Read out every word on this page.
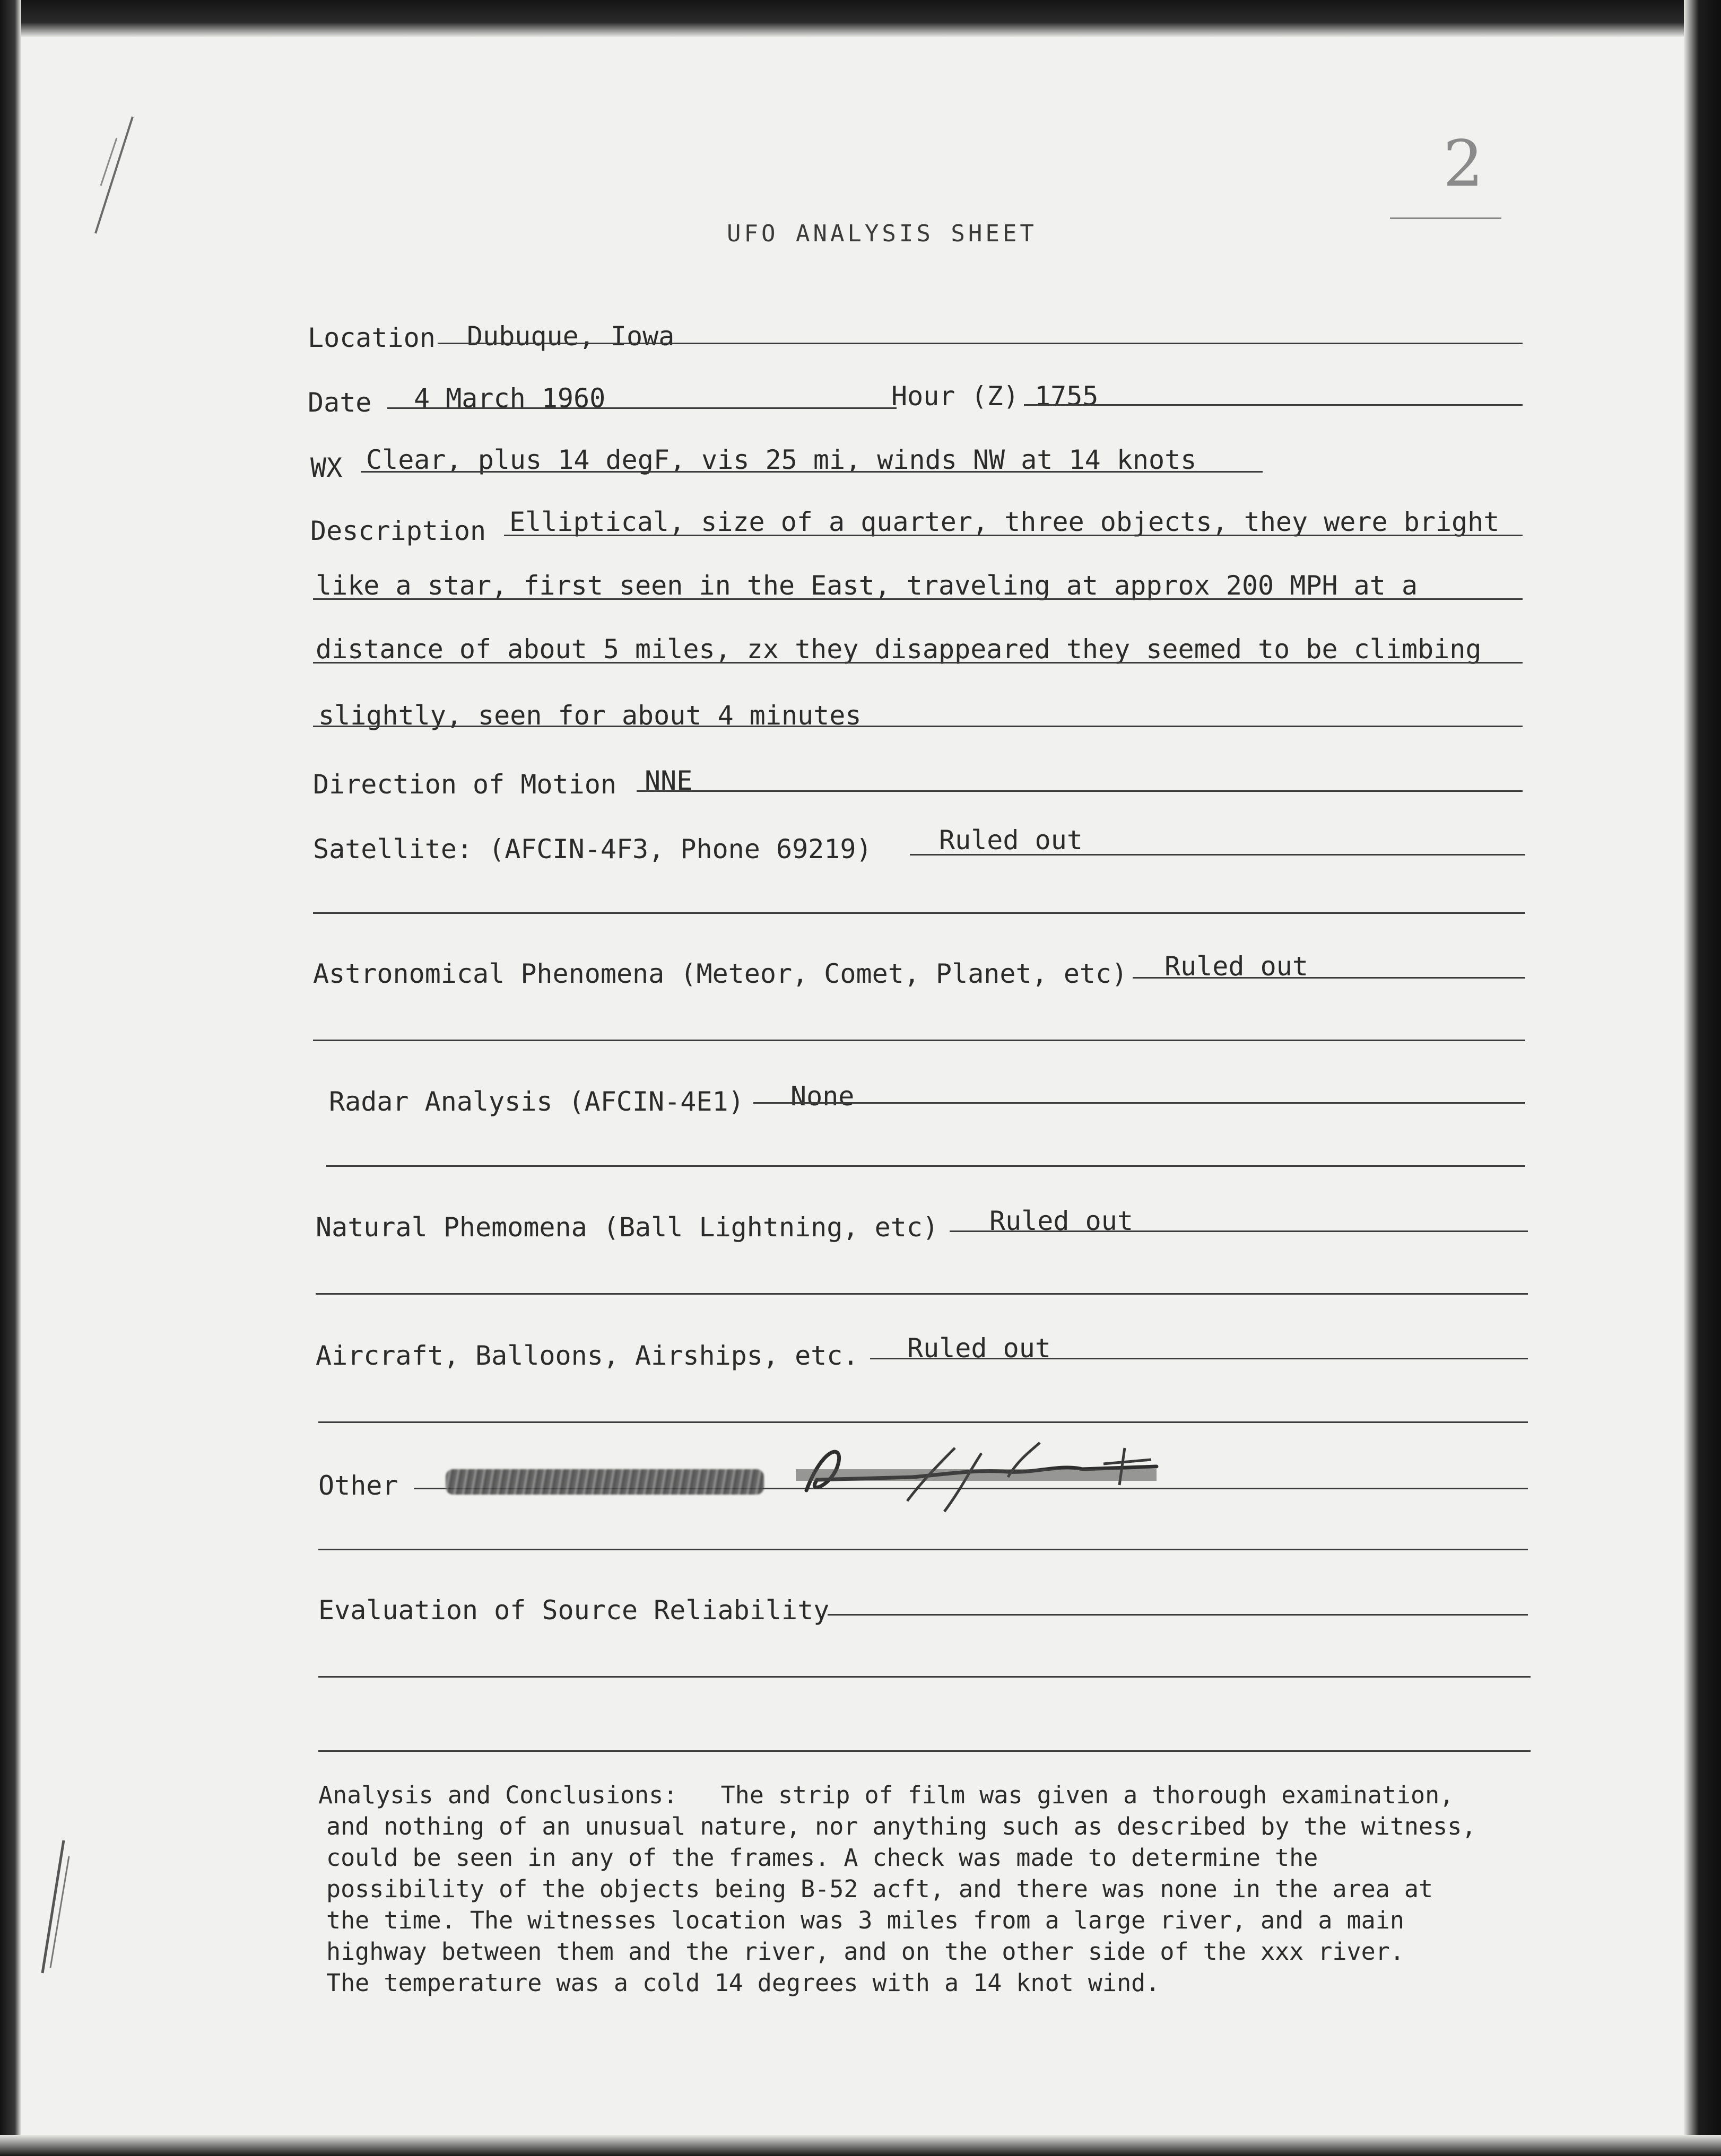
2
UFO ANALYSIS SHEET
Location Dubuque, Iowa
Date 4 March 1960	Hour (Z) 1755
WX Clear, plus 14 degF, vis 25 mi, winds NW at 14 knots
Description Elliptical, size of a quarter, three objects, they were bright
like a star, first seen in the East, traveling at approx 200 MPH at a
distance of about 5 miles, zx they disappeared they seemed to be climbing
slightly, seen for about 4 minutes
Direction of Motion NNE
Satellite: (AFCIN-4F3, Phone 69219)	Ruled out
Astronomical Phenomena (Meteor, Comet, Planet, etc) Ruled out
Radar Analysis (AFCIN-4E1) None
Natural Phemomena (Ball Lightning, etc) Ruled out
Aircraft, Balloons, Airships, etc. Ruled out
Other
Evaluation of Source Reliability
Analysis and Conclusions: The strip of film was given a thorough examination,
and nothing of an unusual nature, nor anything such as described by the witness,
could be seen in any of the frames. A check was made to determine the
possibility of the objects being B-52 acft, and there was none in the area at
the time. The witnesses location was 3 miles from a large river, and a main
highway between them and the river, and on the other side of the xxx river.
The temperature was a cold 14 degrees with a 14 knot wind.
